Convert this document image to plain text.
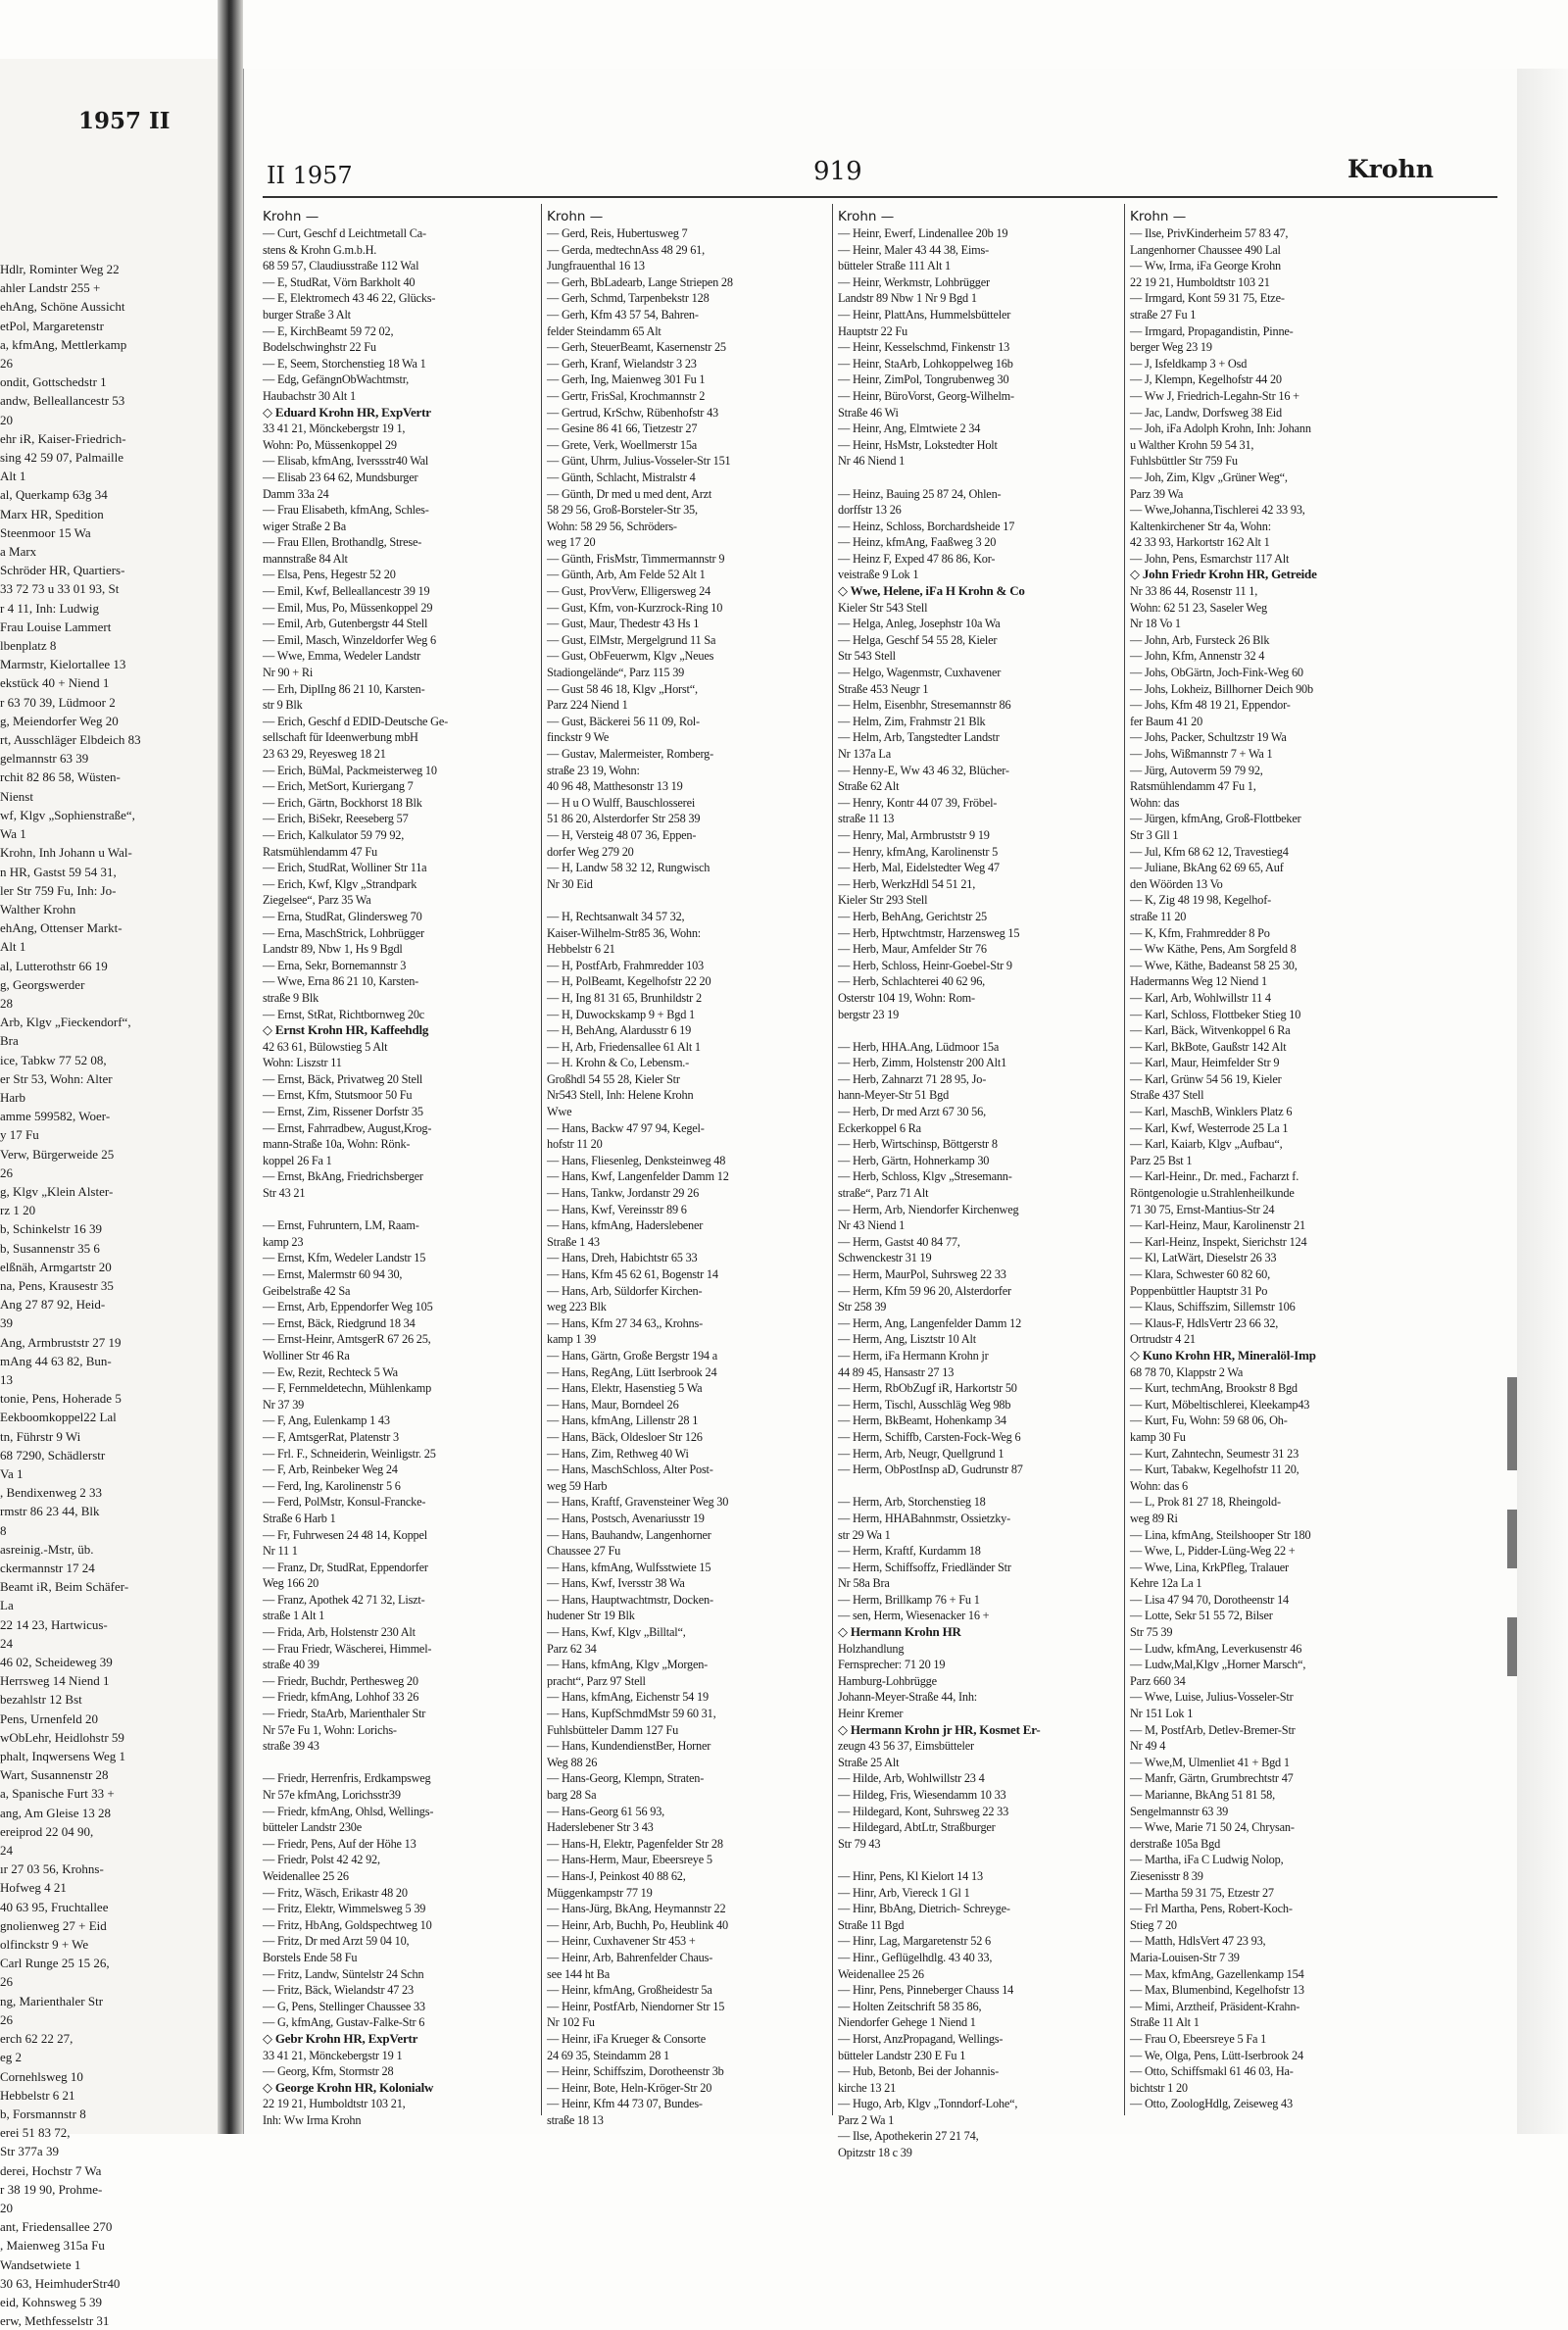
Hdlr, Rominter Weg 22
ahler Landstr 255 +
ehAng, Schöne Aussicht
etPol, Margaretenstr
a, kfmAng, Mettlerkamp
26
ondit, Gottschedstr 1
andw, Belleallancestr 53
20
ehr iR, Kaiser-Friedrich-
sing 42 59 07, Palmaille
Alt 1
al, Querkamp 63g 34
Marx HR, Spedition
Steenmoor 15 Wa
a Marx
Schröder HR, Quartiers-
33 72 73 u 33 01 93, St
r 4 11, Inh: Ludwig
Frau Louise Lammert
lbenplatz 8
Marmstr, Kielortallee 13
ekstück 40 + Niend 1
r 63 70 39, Lüdmoor 2
g, Meiendorfer Weg 20
rt, Ausschläger Elbdeich 83
gelmannstr 63 39
rchit 82 86 58, Wüsten-
Nienst
wf, Klgv „Sophienstraße“,
Wa 1
Krohn, Inh Johann u Wal-
n HR, Gastst 59 54 31,
ler Str 759 Fu, Inh: Jo-
Walther Krohn
ehAng, Ottenser Markt-
Alt 1
al, Lutterothstr 66 19
g, Georgswerder
28
Arb, Klgv „Fieckendorf“,
Bra
ice, Tabkw 77 52 08,
er Str 53, Wohn: Alter
Harb
amme 599582, Woer-
y 17 Fu
Verw, Bürgerweide 25
26
g, Klgv „Klein Alster-
rz 1 20
b, Schinkelstr 16 39
b, Susannenstr 35 6
elßnäh, Armgartstr 20
na, Pens, Krausestr 35
Ang 27 87 92, Heid-
39
Ang, Armbruststr 27 19
mAng 44 63 82, Bun-
13
tonie, Pens, Hoherade 5
Eekboomkoppel22 Lal
tn, Führstr 9 Wi
68 7290, Schädlerstr
Va 1
, Bendixenweg 2 33
rmstr 86 23 44, Blk
8
asreinig.-Mstr, üb.
ckermannstr 17 24
Beamt iR, Beim Schäfer-
La
22 14 23, Hartwicus-
24
46 02, Scheideweg 39
Herrsweg 14 Niend 1
bezahlstr 12 Bst
Pens, Urnenfeld 20
wObLehr, Heidlohstr 59
phalt, Inqwersens Weg 1
Wart, Susannenstr 28
a, Spanische Furt 33 +
ang, Am Gleise 13 28
ereiprod 22 04 90,
24
ır 27 03 56, Krohns-
Hofweg 4 21
40 63 95, Fruchtallee
gnolienweg 27 + Eid
olfinckstr 9 + We
Carl Runge 25 15 26,
26
ng, Marienthaler Str
26
erch 62 22 27,
eg 2
Cornehlsweg 10
Hebbelstr 6 21
b, Forsmannstr 8
erei 51 83 72,
Str 377a 39
derei, Hochstr 7 Wa
r 38 19 90, Prohme-
20
ant, Friedensallee 270
, Maienweg 315a Fu
Wandsetwiete 1
30 63, HeimhuderStr40
eid, Kohnsweg 5 39
erw, Methfesselstr 31
1957 II
II 1957	919	Krohn
Krohn —
— Curt, Geschf d Leichtmetall Ca-
stens & Krohn G.m.b.H.
68 59 57, Claudiusstraße 112 Wal
— E, StudRat, Vörn Barkholt 40
— E, Elektromech 43 46 22, Glücks-
burger Straße 3 Alt
— E, KirchBeamt 59 72 02,
Bodelschwinghstr 22 Fu
— E, Seem, Storchenstieg 18 Wa 1
— Edg, GefängnObWachtmstr,
Haubachstr 30 Alt 1
◇ Eduard Krohn HR, ExpVertr
33 41 21, Mönckebergstr 19 1,
Wohn: Po, Müssenkoppel 29
— Elisab, kfmAng, Iverssstr40 Wal
— Elisab 23 64 62, Mundsburger
Damm 33a 24
— Frau Elisabeth, kfmAng, Schles-
wiger Straße 2 Ba
— Frau Ellen, Brothandlg, Strese-
mannstraße 84 Alt
— Elsa, Pens, Hegestr 52 20
— Emil, Kwf, Belleallancestr 39 19
— Emil, Mus, Po, Müssenkoppel 29
— Emil, Arb, Gutenbergstr 44 Stell
— Emil, Masch, Winzeldorfer Weg 6
— Wwe, Emma, Wedeler Landstr
Nr 90 + Ri
— Erh, DiplIng 86 21 10, Karsten-
str 9 Blk
— Erich, Geschf d EDID-Deutsche Ge-
sellschaft für Ideenwerbung mbH
23 63 29, Reyesweg 18 21
— Erich, BüMal, Packmeisterweg 10
— Erich, MetSort, Kuriergang 7
— Erich, Gärtn, Bockhorst 18 Blk
— Erich, BiSekr, Reeseberg 57
— Erich, Kalkulator 59 79 92,
Ratsmühlendamm 47 Fu
— Erich, StudRat, Wolliner Str 11a
— Erich, Kwf, Klgv „Strandpark
Ziegelsee“, Parz 35 Wa
— Erna, StudRat, Glindersweg 70
— Erna, MaschStrick, Lohbrügger
Landstr 89, Nbw 1, Hs 9 Bgdl
— Erna, Sekr, Bornemannstr 3
— Wwe, Erna 86 21 10, Karsten-
straße 9 Blk
— Ernst, StRat, Richtbornweg 20c
◇ Ernst Krohn HR, Kaffeehdlg
42 63 61, Bülowstieg 5 Alt
Wohn: Liszstr 11
— Ernst, Bäck, Privatweg 20 Stell
— Ernst, Kfm, Stutsmoor 50 Fu
— Ernst, Zim, Rissener Dorfstr 35
— Ernst, Fahrradbew, August,Krog-
mann-Straße 10a, Wohn: Rönk-
koppel 26 Fa 1
— Ernst, BkAng, Friedrichsberger
Str 43 21

— Ernst, Fuhruntern, LM, Raam-
kamp 23
— Ernst, Kfm, Wedeler Landstr 15
— Ernst, Malermstr 60 94 30,
Geibelstraße 42 Sa
— Ernst, Arb, Eppendorfer Weg 105
— Ernst, Bäck, Riedgrund 18 34
— Ernst-Heinr, AmtsgerR 67 26 25,
Wolliner Str 46 Ra
— Ew, Rezit, Rechteck 5 Wa
— F, Fernmeldetechn, Mühlenkamp
Nr 37 39
— F, Ang, Eulenkamp 1 43
— F, AmtsgerRat, Platenstr 3
— Frl. F., Schneiderin, Weinligstr. 25
— F, Arb, Reinbeker Weg 24
— Ferd, Ing, Karolinenstr 5 6
— Ferd, PolMstr, Konsul-Francke-
Straße 6 Harb 1
— Fr, Fuhrwesen 24 48 14, Koppel
Nr 11 1
— Franz, Dr, StudRat, Eppendorfer
Weg 166 20
— Franz, Apothek 42 71 32, Liszt-
straße 1 Alt 1
— Frida, Arb, Holstenstr 230 Alt
— Frau Friedr, Wäscherei, Himmel-
straße 40 39
— Friedr, Buchdr, Perthesweg 20
— Friedr, kfmAng, Lohhof 33 26
— Friedr, StaArb, Marienthaler Str
Nr 57e Fu 1, Wohn: Lorichs-
straße 39 43

— Friedr, Herrenfris, Erdkampsweg
Nr 57e kfmAng, Lorichsstr39
— Friedr, kfmAng, Ohlsd, Wellings-
bütteler Landstr 230e
— Friedr, Pens, Auf der Höhe 13
— Friedr, Polst 42 42 92,
Weidenallee 25 26
— Fritz, Wäsch, Erikastr 48 20
— Fritz, Elektr, Wimmelsweg 5 39
— Fritz, HbAng, Goldspechtweg 10
— Fritz, Dr med Arzt 59 04 10,
Borstels Ende 58 Fu
— Fritz, Landw, Süntelstr 24 Schn
— Fritz, Bäck, Wielandstr 47 23
— G, Pens, Stellinger Chaussee 33
— G, kfmAng, Gustav-Falke-Str 6
◇ Gebr Krohn HR, ExpVertr
33 41 21, Mönckebergstr 19 1
— Georg, Kfm, Stormstr 28
◇ George Krohn HR, Kolonialw
22 19 21, Humboldtstr 103 21,
Inh: Ww Irma Krohn
Krohn —
— Gerd, Reis, Hubertusweg 7
— Gerda, medtechnAss 48 29 61,
Jungfrauenthal 16 13
— Gerh, BbLadearb, Lange Striepen 28
— Gerh, Schmd, Tarpenbekstr 128
— Gerh, Kfm 43 57 54, Bahren-
felder Steindamm 65 Alt
— Gerh, SteuerBeamt, Kasernenstr 25
— Gerh, Kranf, Wielandstr 3 23
— Gerh, Ing, Maienweg 301 Fu 1
— Gertr, FrisSal, Krochmannstr 2
— Gertrud, KrSchw, Rübenhofstr 43
— Gesine 86 41 66, Tietzestr 27
— Grete, Verk, Woellmerstr 15a
— Günt, Uhrm, Julius-Vosseler-Str 151
— Günth, Schlacht, Mistralstr 4
— Günth, Dr med u med dent, Arzt
58 29 56, Groß-Borsteler-Str 35,
Wohn: 58 29 56, Schröders-
weg 17 20
— Günth, FrisMstr, Timmermannstr 9
— Günth, Arb, Am Felde 52 Alt 1
— Gust, ProvVerw, Elligersweg 24
— Gust, Kfm, von-Kurzrock-Ring 10
— Gust, Maur, Thedestr 43 Hs 1
— Gust, ElMstr, Mergelgrund 11 Sa
— Gust, ObFeuerwm, Klgv „Neues
Stadiongelände“, Parz 115 39
— Gust 58 46 18, Klgv „Horst“,
Parz 224 Niend 1
— Gust, Bäckerei 56 11 09, Rol-
finckstr 9 We
— Gustav, Malermeister, Romberg-
straße 23 19, Wohn:
40 96 48, Matthesonstr 13 19
— H u O Wulff, Bauschlosserei
51 86 20, Alsterdorfer Str 258 39
— H, Versteig 48 07 36, Eppen-
dorfer Weg 279 20
— H, Landw 58 32 12, Rungwisch
Nr 30 Eid

— H, Rechtsanwalt 34 57 32,
Kaiser-Wilhelm-Str85 36, Wohn:
Hebbelstr 6 21
— H, PostfArb, Frahmredder 103
— H, PolBeamt, Kegelhofstr 22 20
— H, Ing 81 31 65, Brunhildstr 2
— H, Duwockskamp 9 + Bgd 1
— H, BehAng, Alardusstr 6 19
— H, Arb, Friedensallee 61 Alt 1
— H. Krohn & Co, Lebensm.-
Großhdl 54 55 28, Kieler Str
Nr543 Stell, Inh: Helene Krohn
Wwe
— Hans, Backw 47 97 94, Kegel-
hofstr 11 20
— Hans, Fliesenleg, Denksteinweg 48
— Hans, Kwf, Langenfelder Damm 12
— Hans, Tankw, Jordanstr 29 26
— Hans, Kwf, Vereinsstr 89 6
— Hans, kfmAng, Haderslebener
Straße 1 43
— Hans, Dreh, Habichtstr 65 33
— Hans, Kfm 45 62 61, Bogenstr 14
— Hans, Arb, Süldorfer Kirchen-
weg 223 Blk
— Hans, Kfm 27 34 63,, Krohns-
kamp 1 39
— Hans, Gärtn, Große Bergstr 194 a
— Hans, RegAng, Lütt Iserbrook 24
— Hans, Elektr, Hasenstieg 5 Wa
— Hans, Maur, Borndeel 26
— Hans, kfmAng, Lillenstr 28 1
— Hans, Bäck, Oldesloer Str 126
— Hans, Zim, Rethweg 40 Wi
— Hans, MaschSchloss, Alter Post-
weg 59 Harb
— Hans, Kraftf, Gravensteiner Weg 30
— Hans, Postsch, Avenariusstr 19
— Hans, Bauhandw, Langenhorner
Chaussee 27 Fu
— Hans, kfmAng, Wulfsstwiete 15
— Hans, Kwf, Iversstr 38 Wa
— Hans, Hauptwachtmstr, Docken-
hudener Str 19 Blk
— Hans, Kwf, Klgv „Billtal“,
Parz 62 34
— Hans, kfmAng, Klgv „Morgen-
pracht“, Parz 97 Stell
— Hans, kfmAng, Eichenstr 54 19
— Hans, KupfSchmdMstr 59 60 31,
Fuhlsbütteler Damm 127 Fu
— Hans, KundendienstBer, Horner
Weg 88 26
— Hans-Georg, Klempn, Straten-
barg 28 Sa
— Hans-Georg 61 56 93,
Haderslebener Str 3 43
— Hans-H, Elektr, Pagenfelder Str 28
— Hans-Herm, Maur, Ebeersreye 5
— Hans-J, Peinkost 40 88 62,
Müggenkampstr 77 19
— Hans-Jürg, BkAng, Heymannstr 22
— Heinr, Arb, Buchh, Po, Heublink 40
— Heinr, Cuxhavener Str 453 +
— Heinr, Arb, Bahrenfelder Chaus-
see 144 ht Ba
— Heinr, kfmAng, Großheidestr 5a
— Heinr, PostfArb, Niendorner Str 15
Nr 102 Fu
— Heinr, iFa Krueger & Consorte
24 69 35, Steindamm 28 1
— Heinr, Schiffszim, Dorotheenstr 3b
— Heinr, Bote, Heln-Kröger-Str 20
— Heinr, Kfm 44 73 07, Bundes-
straße 18 13
Krohn —
— Heinr, Ewerf, Lindenallee 20b 19
— Heinr, Maler 43 44 38, Eims-
bütteler Straße 111 Alt 1
— Heinr, Werkmstr, Lohbrügger
Landstr 89 Nbw 1 Nr 9 Bgd 1
— Heinr, PlattAns, Hummelsbütteler
Hauptstr 22 Fu
— Heinr, Kesselschmd, Finkenstr 13
— Heinr, StaArb, Lohkoppelweg 16b
— Heinr, ZimPol, Tongrubenweg 30
— Heinr, BüroVorst, Georg-Wilhelm-
Straße 46 Wi
— Heinr, Ang, Elmtwiete 2 34
— Heinr, HsMstr, Lokstedter Holt
Nr 46 Niend 1

— Heinz, Bauing 25 87 24, Ohlen-
dorffstr 13 26
— Heinz, Schloss, Borchardsheide 17
— Heinz, kfmAng, Faaßweg 3 20
— Heinz F, Exped 47 86 86, Kor-
veistraße 9 Lok 1
◇ Wwe, Helene, iFa H Krohn & Co
Kieler Str 543 Stell
— Helga, Anleg, Josephstr 10a Wa
— Helga, Geschf 54 55 28, Kieler
Str 543 Stell
— Helgo, Wagenmstr, Cuxhavener
Straße 453 Neugr 1
— Helm, Eisenbhr, Stresemannstr 86
— Helm, Zim, Frahmstr 21 Blk
— Helm, Arb, Tangstedter Landstr
Nr 137a La
— Henny-E, Ww 43 46 32, Blücher-
Straße 62 Alt
— Henry, Kontr 44 07 39, Fröbel-
straße 11 13
— Henry, Mal, Armbruststr 9 19
— Henry, kfmAng, Karolinenstr 5
— Herb, Mal, Eidelstedter Weg 47
— Herb, WerkzHdl 54 51 21,
Kieler Str 293 Stell
— Herb, BehAng, Gerichtstr 25
— Herb, Hptwchtmstr, Harzensweg 15
— Herb, Maur, Amfelder Str 76
— Herb, Schloss, Heinr-Goebel-Str 9
— Herb, Schlachterei 40 62 96,
Osterstr 104 19, Wohn: Rom-
bergstr 23 19

— Herb, HHA.Ang, Lüdmoor 15a
— Herb, Zimm, Holstenstr 200 Alt1
— Herb, Zahnarzt 71 28 95, Jo-
hann-Meyer-Str 51 Bgd
— Herb, Dr med Arzt 67 30 56,
Eckerkoppel 6 Ra
— Herb, Wirtschinsp, Böttgerstr 8
— Herb, Gärtn, Hohnerkamp 30
— Herb, Schloss, Klgv „Stresemann-
straße“, Parz 71 Alt
— Herm, Arb, Niendorfer Kirchenweg
Nr 43 Niend 1
— Herm, Gastst 40 84 77,
Schwenckestr 31 19
— Herm, MaurPol, Suhrsweg 22 33
— Herm, Kfm 59 96 20, Alsterdorfer
Str 258 39
— Herm, Ang, Langenfelder Damm 12
— Herm, Ang, Lisztstr 10 Alt
— Herm, iFa Hermann Krohn jr
44 89 45, Hansastr 27 13
— Herm, RbObZugf iR, Harkortstr 50
— Herm, Tischl, Ausschläg Weg 98b
— Herm, BkBeamt, Hohenkamp 34
— Herm, Schiffb, Carsten-Fock-Weg 6
— Herm, Arb, Neugr, Quellgrund 1
— Herm, ObPostInsp aD, Gudrunstr 87

— Herm, Arb, Storchenstieg 18
— Herm, HHABahnmstr, Ossietzky-
str 29 Wa 1
— Herm, Kraftf, Kurdamm 18
— Herm, Schiffsoffz, Friedländer Str
Nr 58a Bra
— Herm, Brillkamp 76 + Fu 1
— sen, Herm, Wiesenacker 16 +
◇ Hermann Krohn HR
Holzhandlung
Fernsprecher: 71 20 19
Hamburg-Lohbrügge
Johann-Meyer-Straße 44, Inh:
Heinr Kremer
◇ Hermann Krohn jr HR, Kosmet Er-
zeugn 43 56 37, Eimsbütteler
Straße 25 Alt
— Hilde, Arb, Wohlwillstr 23 4
— Hildeg, Fris, Wiesendamm 10 33
— Hildegard, Kont, Suhrsweg 22 33
— Hildegard, AbtLtr, Straßburger
Str 79 43

— Hinr, Pens, Kl Kielort 14 13
— Hinr, Arb, Viereck 1 Gl 1
— Hinr, BbAng, Dietrich- Schreyge-
Straße 11 Bgd
— Hinr, Lag, Margaretenstr 52 6
— Hinr., Geflügelhdlg. 43 40 33,
Weidenallee 25 26
— Hinr, Pens, Pinneberger Chauss 14
— Holten Zeitschrift 58 35 86,
Niendorfer Gehege 1 Niend 1
— Horst, AnzPropagand, Wellings-
bütteler Landstr 230 E Fu 1
— Hub, Betonb, Bei der Johannis-
kirche 13 21
— Hugo, Arb, Klgv „Tonndorf-Lohe“,
Parz 2 Wa 1
— Ilse, Apothekerin 27 21 74,
Opitzstr 18 c 39
Krohn —
— Ilse, PrivKinderheim 57 83 47,
Langenhorner Chaussee 490 Lal
— Ww, Irma, iFa George Krohn
22 19 21, Humboldtstr 103 21
— Irmgard, Kont 59 31 75, Etze-
straße 27 Fu 1
— Irmgard, Propagandistin, Pinne-
berger Weg 23 19
— J, Isfeldkamp 3 + Osd
— J, Klempn, Kegelhofstr 44 20
— Ww J, Friedrich-Legahn-Str 16 +
— Jac, Landw, Dorfsweg 38 Eid
— Joh, iFa Adolph Krohn, Inh: Johann
u Walther Krohn 59 54 31,
Fuhlsbüttler Str 759 Fu
— Joh, Zim, Klgv „Grüner Weg“,
Parz 39 Wa
— Wwe,Johanna,Tischlerei 42 33 93,
Kaltenkirchener Str 4a, Wohn:
42 33 93, Harkortstr 162 Alt 1
— John, Pens, Esmarchstr 117 Alt
◇ John Friedr Krohn HR, Getreide
Nr 33 86 44, Rosenstr 11 1,
Wohn: 62 51 23, Saseler Weg
Nr 18 Vo 1
— John, Arb, Fursteck 26 Blk
— John, Kfm, Annenstr 32 4
— Johs, ObGärtn, Joch-Fink-Weg 60
— Johs, Lokheiz, Billhorner Deich 90b
— Johs, Kfm 48 19 21, Eppendor-
fer Baum 41 20
— Johs, Packer, Schultzstr 19 Wa
— Johs, Wißmannstr 7 + Wa 1
— Jürg, Autoverm 59 79 92,
Ratsmühlendamm 47 Fu 1,
Wohn: das
— Jürgen, kfmAng, Groß-Flottbeker
Str 3 Gll 1
— Jul, Kfm 68 62 12, Travestieg4
— Juliane, BkAng 62 69 65, Auf
den Wöörden 13 Vo
— K, Zig 48 19 98, Kegelhof-
straße 11 20
— K, Kfm, Frahmredder 8 Po
— Ww Käthe, Pens, Am Sorgfeld 8
— Wwe, Käthe, Badeanst 58 25 30,
Hadermanns Weg 12 Niend 1
— Karl, Arb, Wohlwillstr 11 4
— Karl, Schloss, Flottbeker Stieg 10
— Karl, Bäck, Witvenkoppel 6 Ra
— Karl, BkBote, Gaußstr 142 Alt
— Karl, Maur, Heimfelder Str 9
— Karl, Grünw 54 56 19, Kieler
Straße 437 Stell
— Karl, MaschB, Winklers Platz 6
— Karl, Kwf, Westerrode 25 La 1
— Karl, Kaiarb, Klgv „Aufbau“,
Parz 25 Bst 1
— Karl-Heinr., Dr. med., Facharzt f.
Röntgenologie u.Strahlenheilkunde
71 30 75, Ernst-Mantius-Str 24
— Karl-Heinz, Maur, Karolinenstr 21
— Karl-Heinz, Inspekt, Sierichstr 124
— Kl, LatWärt, Dieselstr 26 33
— Klara, Schwester 60 82 60,
Poppenbüttler Hauptstr 31 Po
— Klaus, Schiffszim, Sillemstr 106
— Klaus-F, HdlsVertr 23 66 32,
Ortrudstr 4 21
◇ Kuno Krohn HR, Mineralöl-Imp
68 78 70, Klappstr 2 Wa
— Kurt, techmAng, Brookstr 8 Bgd
— Kurt, Möbeltischlerei, Kleekamp43
— Kurt, Fu, Wohn: 59 68 06, Oh-
kamp 30 Fu
— Kurt, Zahntechn, Seumestr 31 23
— Kurt, Tabakw, Kegelhofstr 11 20,
Wohn: das 6
— L, Prok 81 27 18, Rheingold-
weg 89 Ri
— Lina, kfmAng, Steilshooper Str 180
— Wwe, L, Pidder-Lüng-Weg 22 +
— Wwe, Lina, KrkPfleg, Tralauer
Kehre 12a La 1
— Lisa 47 94 70, Dorotheenstr 14
— Lotte, Sekr 51 55 72, Bilser
Str 75 39
— Ludw, kfmAng, Leverkusenstr 46
— Ludw,Mal,Klgv „Horner Marsch“,
Parz 660 34
— Wwe, Luise, Julius-Vosseler-Str
Nr 151 Lok 1
— M, PostfArb, Detlev-Bremer-Str
Nr 49 4
— Wwe,M, Ulmenliet 41 + Bgd 1
— Manfr, Gärtn, Grumbrechtstr 47
— Marianne, BkAng 51 81 58,
Sengelmannstr 63 39
— Wwe, Marie 71 50 24, Chrysan-
derstraße 105a Bgd
— Martha, iFa C Ludwig Nolop,
Ziesenisstr 8 39
— Martha 59 31 75, Etzestr 27
— Frl Martha, Pens, Robert-Koch-
Stieg 7 20
— Matth, HdlsVert 47 23 93,
Maria-Louisen-Str 7 39
— Max, kfmAng, Gazellenkamp 154
— Max, Blumenbind, Kegelhofstr 13
— Mimi, Arztheif, Präsident-Krahn-
Straße 11 Alt 1
— Frau O, Ebeersreye 5 Fa 1
— We, Olga, Pens, Lütt-Iserbrook 24
— Otto, Schiffsmakl 61 46 03, Ha-
bichtstr 1 20
— Otto, ZoologHdlg, Zeiseweg 43
